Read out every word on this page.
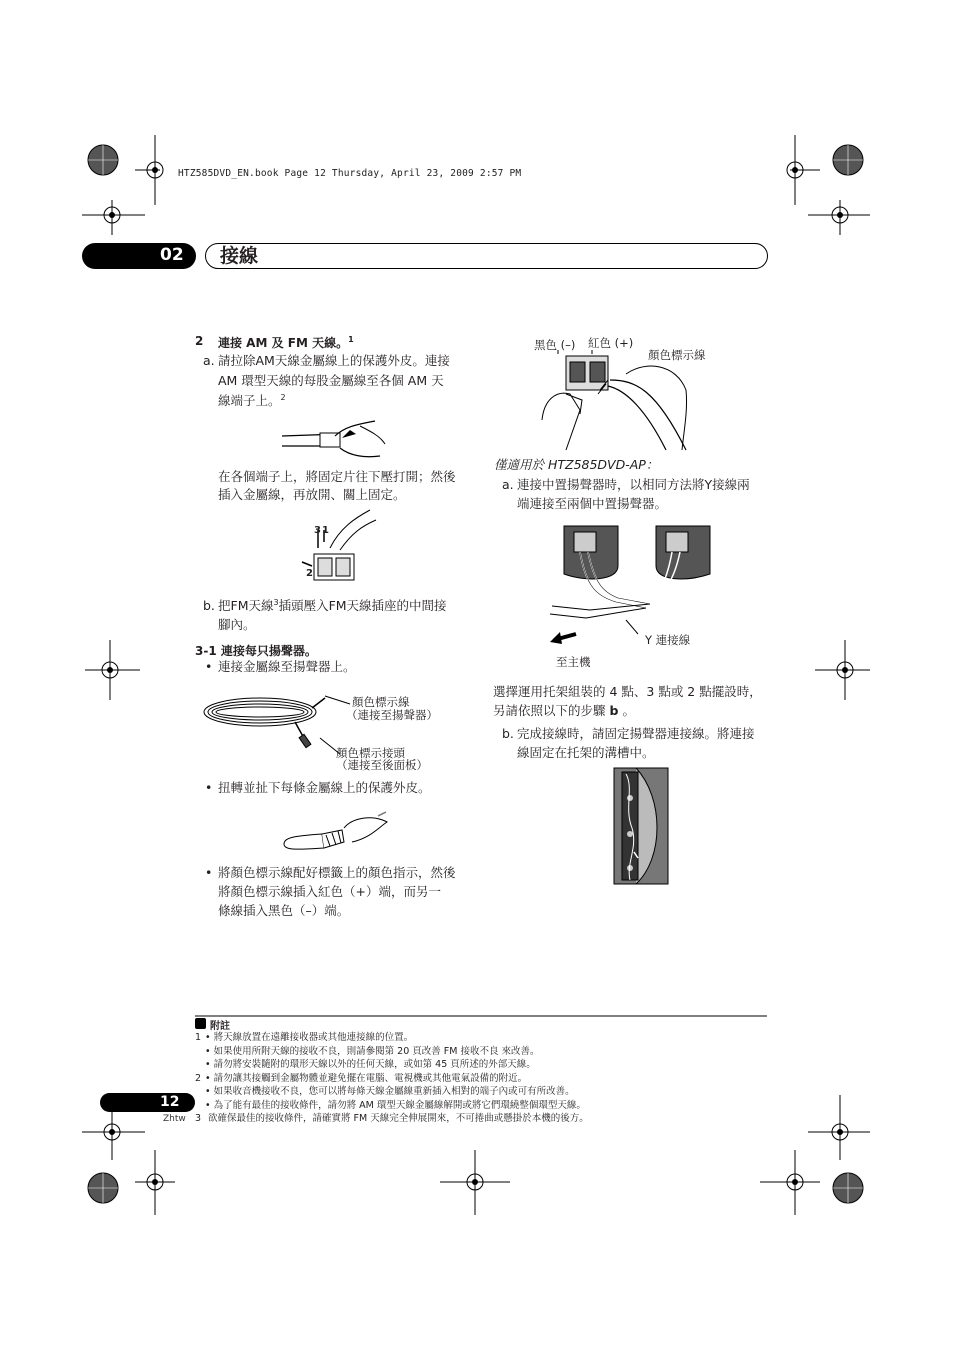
HTZ585DVD_EN.book Page 12 Thursday, April 23, 2009 2:57 PM
02 接線
2 連接 AM 及 FM 天線。$^1$
a. 請拉除AM天線金屬線上的保護外皮。連接
AM 環型天線的每股金屬線至各個 AM 天
線端子上。$^2$
在各個端子上，將固定片往下壓打開；然後
插入金屬線，再放開、關上固定。
3 1
2
b. 把FM天線$^3$插頭壓入FM天線插座的中間接
腳內。
3-1 連接每只揚聲器。
• 連接金屬線至揚聲器上。
顏色標示線
（連接至揚聲器）
顏色標示接頭
（連接至後面板）
• 扭轉並扯下每條金屬線上的保護外皮。
• 將顏色標示線配好標籤上的顏色指示，然後
將顏色標示線插入紅色（+）端，而另一
條線插入黑色（–）端。
黑色 (–) 紅色 (+)
顏色標示線
僅適用於 HTZ585DVD-AP：
a. 連接中置揚聲器時，以相同方法將Y接線兩
端連接至兩個中置揚聲器。
Y 連接線
至主機
選擇運用托架組裝的 4 點、3 點或 2 點擺設時，
另請依照以下的步驟 b 。
b. 完成接線時，請固定揚聲器連接線。將連接
線固定在托架的溝槽中。
附註
1 • 將天線放置在遠離接收器或其他連接線的位置。
• 如果使用所附天線的接收不良，則請參閱第 20 頁改善 FM 接收不良 來改善。
• 請勿將安裝隨附的環形天線以外的任何天線，或如第 45 頁所述的外部天線。
2 • 請勿讓其接觸到金屬物體並避免擺在電腦、電視機或其他電氣設備的附近。
• 如果收音機接收不良，您可以將每條天線金屬線重新插入相對的端子內或可有所改善。
• 為了能有最佳的接收條件，請勿將 AM 環型天線金屬線解開或將它們環繞整個環型天線。
3 欲確保最佳的接收條件，請確實將 FM 天線完全伸展開來，不可捲曲或懸掛於本機的後方。
12
Zhtw
